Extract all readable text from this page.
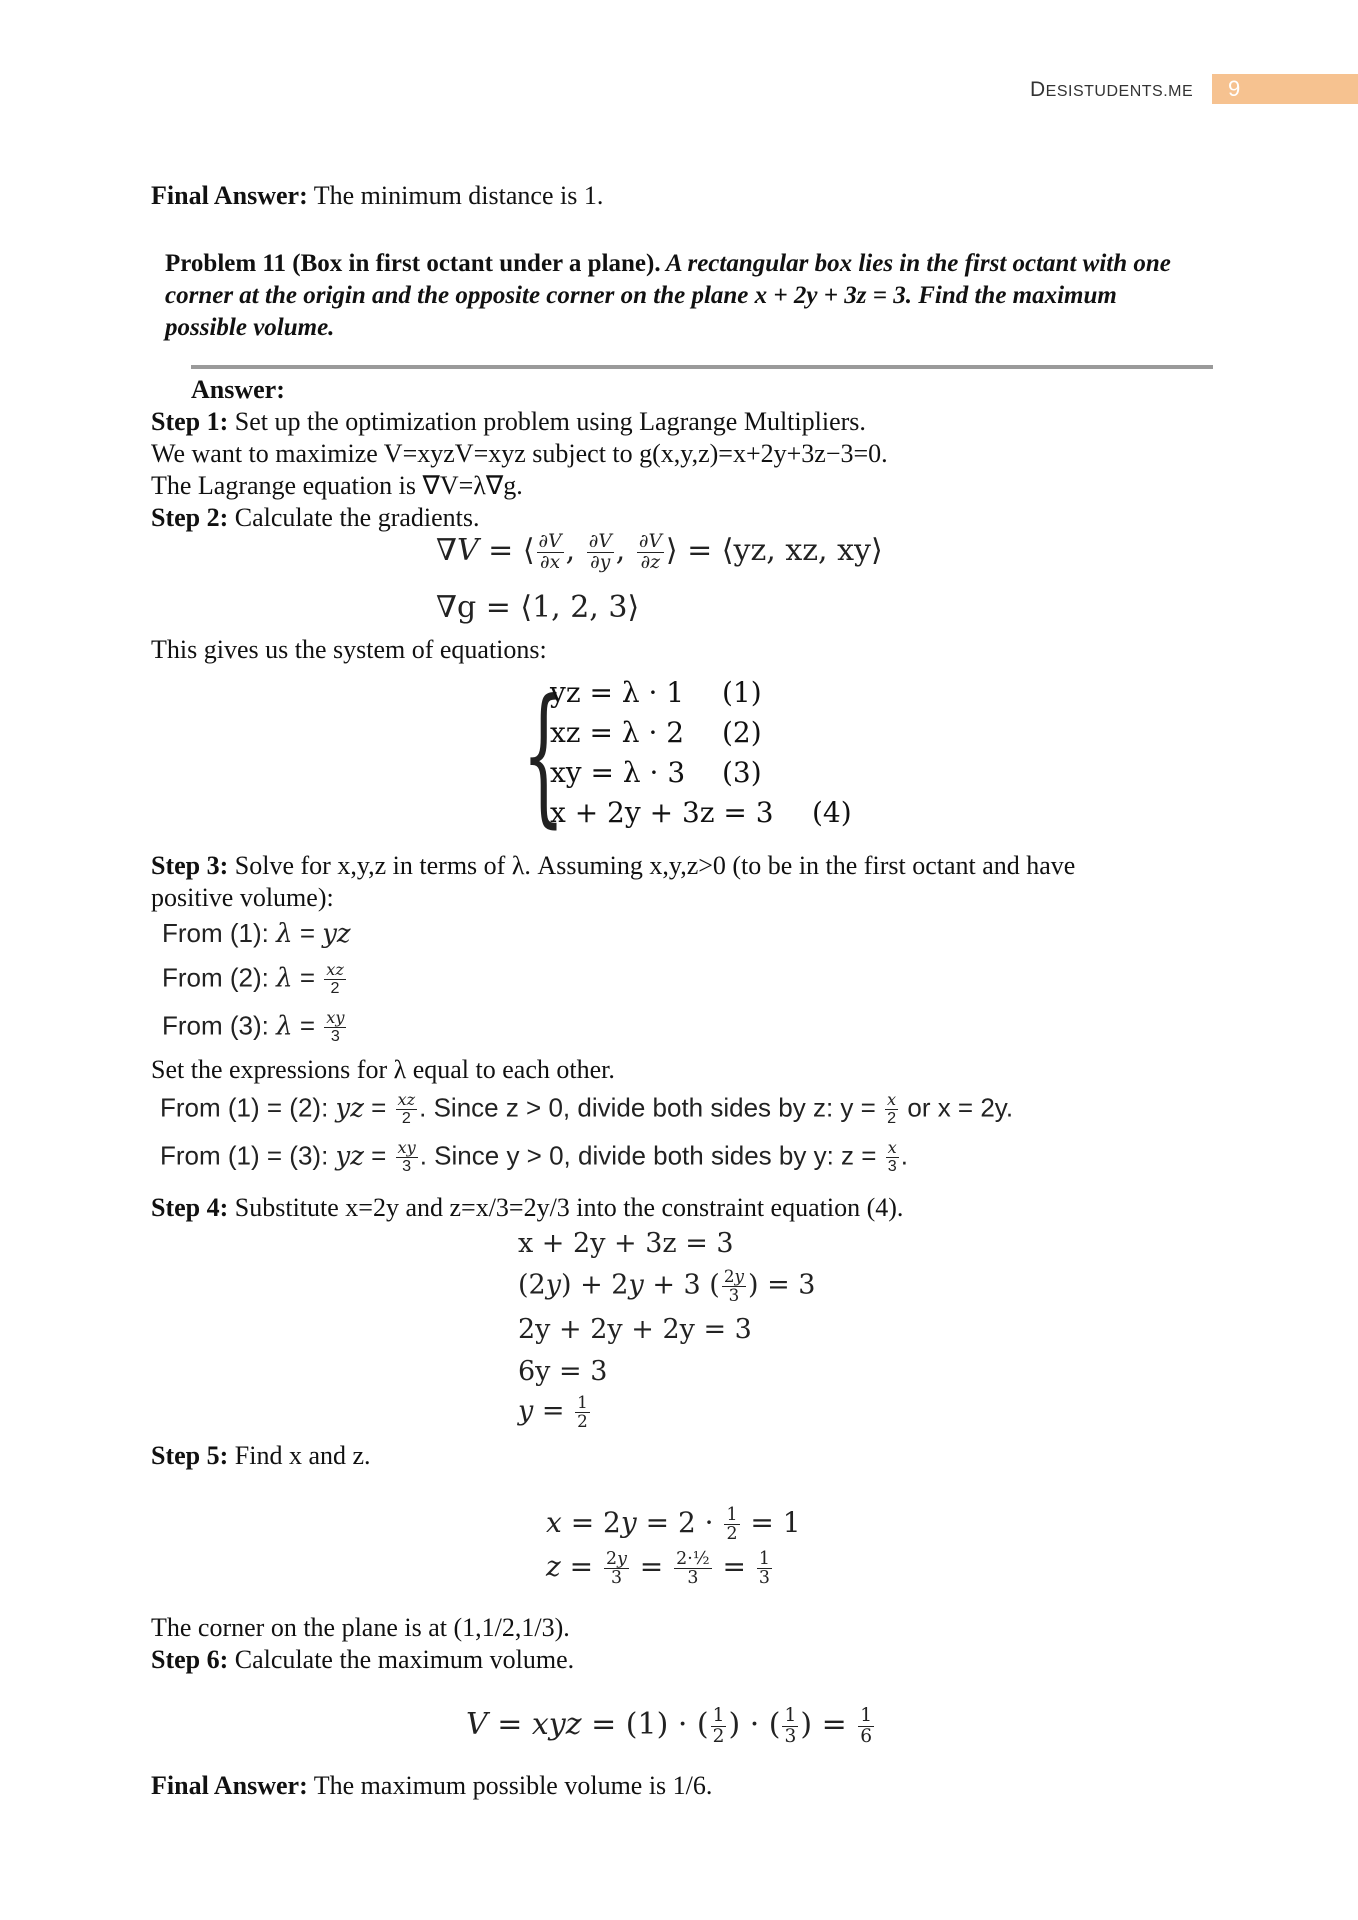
DESISTUDENTS.ME	9
Final Answer: The minimum distance is 1.
Problem 11 (Box in first octant under a plane). A rectangular box lies in the first octant with one corner at the origin and the opposite corner on the plane x + 2y + 3z = 3. Find the maximum possible volume.
Answer:
Step 1: Set up the optimization problem using Lagrange Multipliers.
We want to maximize V=xyzV=xyz subject to g(x,y,z)=x+2y+3z−3=0.
The Lagrange equation is ∇V=λ∇g.
Step 2: Calculate the gradients.
∇V = ⟨ $\frac{\partial V}{\partial x}$ , $\frac{\partial V}{\partial y}$ , $\frac{\partial V}{\partial z}$ ⟩ = ⟨yz, xz, xy⟩
∇g = ⟨1, 2, 3⟩
This gives us the system of equations:
{
yz = λ · 1 (1)
xz = λ · 2 (2)
xy = λ · 3 (3)
x + 2y + 3z = 3 (4)
Step 3: Solve for x,y,z in terms of λ. Assuming x,y,z>0 (to be in the first octant and have
positive volume):
From (1): λ = yz
From (2): $\lambda = \frac{xz}{2}$
From (3): $\lambda = \frac{xy}{3}$
Set the expressions for λ equal to each other.
From (1) = (2): yz = $\frac{xz}{2}$ . Since z > 0, divide both sides by z: $y = \frac{x}{2}$ or x = 2y.
From (1) = (3): yz = $\frac{xy}{3}$ . Since y > 0, divide both sides by y: $z = \frac{x}{3}$ .
Step 4: Substitute x=2y and z=x/3=2y/3 into the constraint equation (4).
x + 2y + 3z = 3
(2y) + 2y + 3 ( $\frac{2y}{3}$ ) = 3
2y + 2y + 2y = 3
6y = 3
$y = \frac{1}{2}$
Step 5: Find x and z.
$x = 2y = 2 \cdot \frac{1}{2} = 1$
$z = \frac{2y}{3} = \frac{\text{2·½}}{3} = \frac{1}{3}$
The corner on the plane is at (1,1/2,1/3).
Step 6: Calculate the maximum volume.
V = xyz = (1) · ( $\frac{1}{2}$ ) · ( $\frac{1}{3}$ ) = $\frac{1}{6}$
Final Answer: The maximum possible volume is 1/6.
